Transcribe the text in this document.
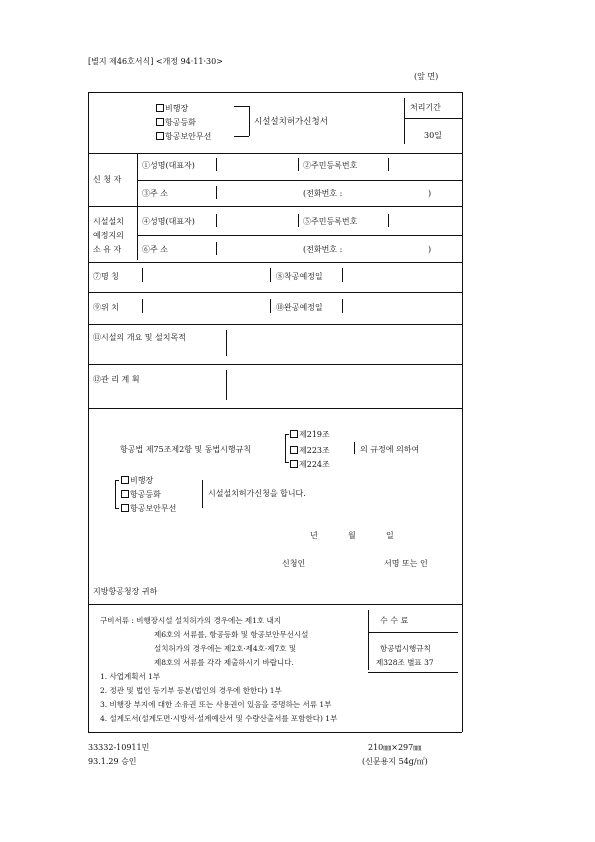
[별지 제46호서식] <개정 94·11·30>
(앞 면)
비행장
항공등화
항공보안무선
시설설치허가신청서
처리기간
30일
신 청 자
①성명(대표자)	②주민등록번호
③주 소	(전화번호 :	)
시설설치
예정지의
소 유 자
④성명(대표자)	⑤주민등록번호
⑥주 소	(전화번호 :	)
⑦명 칭	⑧착공예정일
⑨위 치	⑩완공예정일
⑪시설의 개요 및 설치목적
⑫관 리 계 획
제219조
항공법 제75조제2항 및 동법시행규칙	제223조	의 규정에 의하여
제224조
비행장
항공등화
항공보안무선
시설설치허가신청을 합니다.
년	월	일
신청인	서명 또는 인
지방항공청장 귀하
구비서류 : 비행장시설 설치허가의 경우에는 제1호 내지
제6호의 서류를, 항공등화 및 항공보안무선시설
설치허가의 경우에는 제2호·제4호·제7호 및
제8호의 서류를 각각 제출하시기 바랍니다.
수 수 료
항공법시행규칙
제328조 별표 37
1. 사업계획서 1부
2. 정관 및 법인 등기부 등본(법인의 경우에 한한다) 1부
3. 비행장 부지에 대한 소유권 또는 사용권이 있음을 증명하는 서류 1부
4. 설계도서(설계도면·시방서·설계예산서 및 수량산출서를 포함한다) 1부
33332-10911민
93.1.29 승인
210㎜×297㎜
(신문용지 54g/㎡)
